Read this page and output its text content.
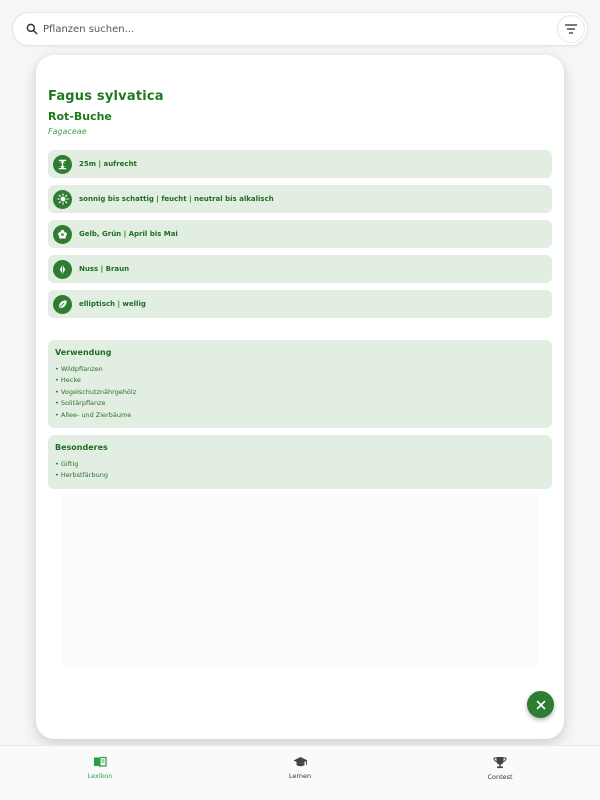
Pflanzen suchen...
Fagus sylvatica
Rot-Buche
Fagaceae
25m | aufrecht
sonnig bis schattig | feucht | neutral bis alkalisch
Gelb, Grün | April bis Mai
Nuss | Braun
elliptisch | wellig
Verwendung
• Wildpflanzen
• Hecke
• Vogelschutznährgehölz
• Solitärpflanze
• Allee- und Zierbäume
Besonderes
• Giftig
• Herbstfärbung
Lexikon	Lernen	Contest
